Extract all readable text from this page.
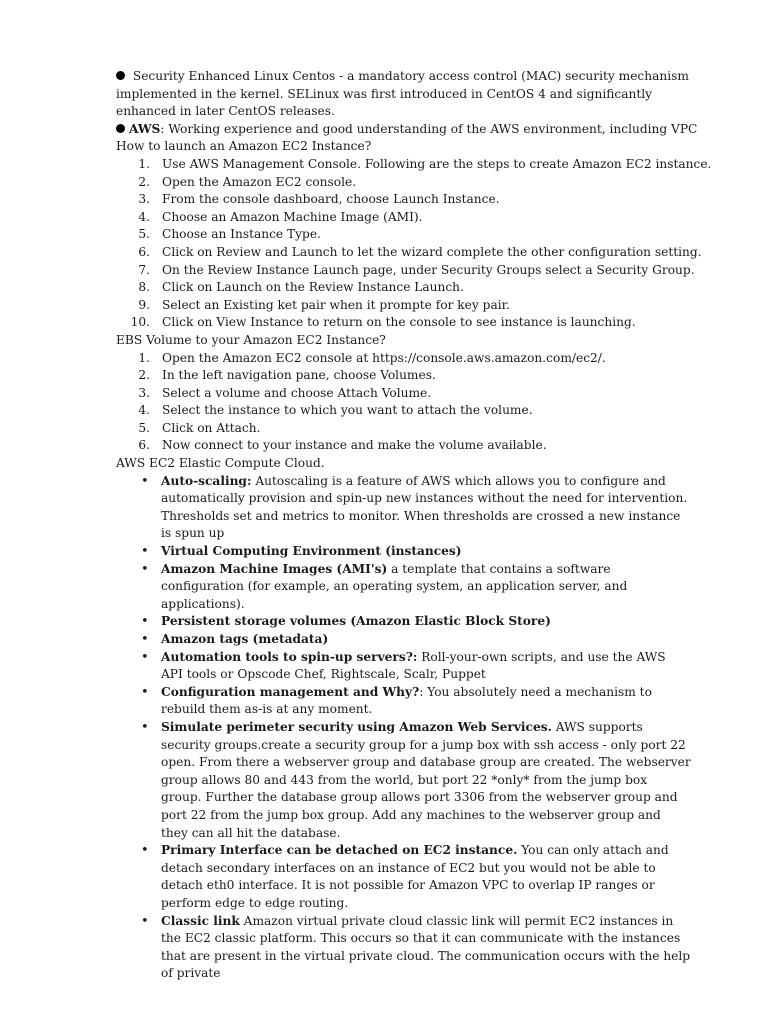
Security Enhanced Linux Centos - a mandatory access control (MAC) security mechanism implemented in the kernel. SELinux was first introduced in CentOS 4 and significantly enhanced in later CentOS releases.

AWS: Working experience and good understanding of the AWS environment, including VPC

How to launch an Amazon EC2 Instance?

1. Use AWS Management Console. Following are the steps to create Amazon EC2 instance.
2. Open the Amazon EC2 console.
3. From the console dashboard, choose Launch Instance.
4. Choose an Amazon Machine Image (AMI).
5. Choose an Instance Type.
6. Click on Review and Launch to let the wizard complete the other configuration setting.
7. On the Review Instance Launch page, under Security Groups select a Security Group.
8. Click on Launch on the Review Instance Launch.
9. Select an Existing ket pair when it prompte for key pair.
10. Click on View Instance to return on the console to see instance is launching.

EBS Volume to your Amazon EC2 Instance?

1. Open the Amazon EC2 console at https://console.aws.amazon.com/ec2/.
2. In the left navigation pane, choose Volumes.
3. Select a volume and choose Attach Volume.
4. Select the instance to which you want to attach the volume.
5. Click on Attach.
6. Now connect to your instance and make the volume available.

AWS EC2 Elastic Compute Cloud.

• Auto-scaling: Autoscaling is a feature of AWS which allows you to configure and automatically provision and spin-up new instances without the need for intervention. Thresholds set and metrics to monitor. When thresholds are crossed a new instance is spun up
• Virtual Computing Environment (instances)
• Amazon Machine Images (AMI's) a template that contains a software configuration (for example, an operating system, an application server, and applications).
• Persistent storage volumes (Amazon Elastic Block Store)
• Amazon tags (metadata)
• Automation tools to spin-up servers?: Roll-your-own scripts, and use the AWS API tools or Opscode Chef, Rightscale, Scalr, Puppet
• Configuration management and Why?: You absolutely need a mechanism to rebuild them as-is at any moment.
• Simulate perimeter security using Amazon Web Services. AWS supports security groups.create a security group for a jump box with ssh access - only port 22 open. From there a webserver group and database group are created. The webserver group allows 80 and 443 from the world, but port 22 *only* from the jump box group. Further the database group allows port 3306 from the webserver group and port 22 from the jump box group. Add any machines to the webserver group and they can all hit the database.
• Primary Interface can be detached on EC2 instance. You can only attach and detach secondary interfaces on an instance of EC2 but you would not be able to detach eth0 interface. It is not possible for Amazon VPC to overlap IP ranges or perform edge to edge routing.
• Classic link Amazon virtual private cloud classic link will permit EC2 instances in the EC2 classic platform. This occurs so that it can communicate with the instances that are present in the virtual private cloud. The communication occurs with the help of private
